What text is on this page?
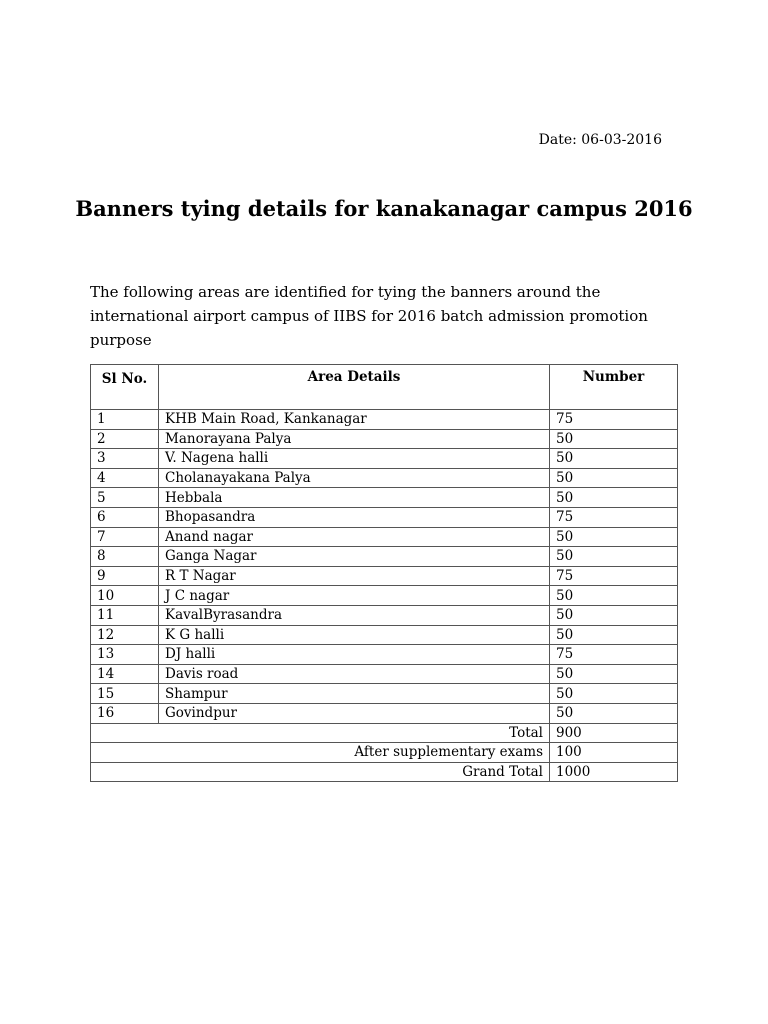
Date: 06-03-2016
Banners tying details for kanakanagar campus 2016

The following areas are identified for tying the banners around the international airport campus of IIBS for 2016 batch admission promotion purpose

Sl No.	Area Details	Number
1	KHB Main Road, Kankanagar	75
2	Manorayana Palya	50
3	V. Nagena halli	50
4	Cholanayakana Palya	50
5	Hebbala	50
6	Bhopasandra	75
7	Anand nagar	50
8	Ganga Nagar	50
9	R T Nagar	75
10	J C nagar	50
11	KavalByrasandra	50
12	K G halli	50
13	DJ halli	75
14	Davis road	50
15	Shampur	50
16	Govindpur	50
Total		900
After supplementary exams		100
Grand Total		1000
